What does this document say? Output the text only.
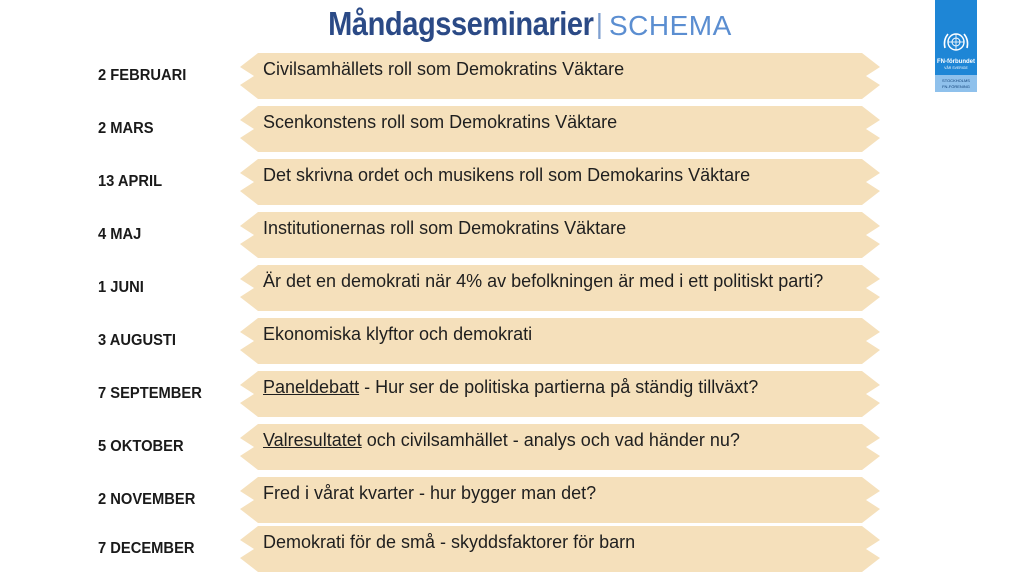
Måndagsseminarier| SCHEMA
FN-förbundet
VÅR SVERIGE
STOCKHOLMS
FN-FÖRENING
2 FEBRUARI	Civilsamhällets roll som Demokratins Väktare
2 MARS	Scenkonstens roll som Demokratins Väktare
13 APRIL	Det skrivna ordet och musikens roll som Demokarins Väktare
4 MAJ	Institutionernas roll som Demokratins Väktare
1 JUNI	Är det en demokrati när 4% av befolkningen är med i ett politiskt parti?
3 AUGUSTI	Ekonomiska klyftor och demokrati
7 SEPTEMBER	Paneldebatt - Hur ser de politiska partierna på ständig tillväxt?
5 OKTOBER	Valresultatet och civilsamhället - analys och vad händer nu?
2 NOVEMBER	Fred i vårat kvarter - hur bygger man det?
7 DECEMBER	Demokrati för de små - skyddsfaktorer för barn
